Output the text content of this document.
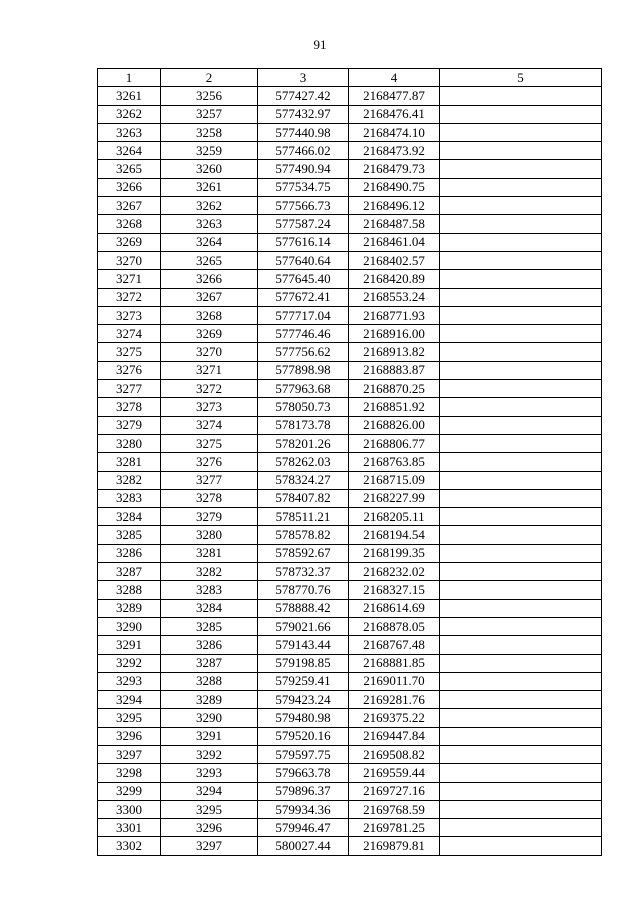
91
1	2	3	4	5
3261	3256	577427.42	2168477.87	
3262	3257	577432.97	2168476.41	
3263	3258	577440.98	2168474.10	
3264	3259	577466.02	2168473.92	
3265	3260	577490.94	2168479.73	
3266	3261	577534.75	2168490.75	
3267	3262	577566.73	2168496.12	
3268	3263	577587.24	2168487.58	
3269	3264	577616.14	2168461.04	
3270	3265	577640.64	2168402.57	
3271	3266	577645.40	2168420.89	
3272	3267	577672.41	2168553.24	
3273	3268	577717.04	2168771.93	
3274	3269	577746.46	2168916.00	
3275	3270	577756.62	2168913.82	
3276	3271	577898.98	2168883.87	
3277	3272	577963.68	2168870.25	
3278	3273	578050.73	2168851.92	
3279	3274	578173.78	2168826.00	
3280	3275	578201.26	2168806.77	
3281	3276	578262.03	2168763.85	
3282	3277	578324.27	2168715.09	
3283	3278	578407.82	2168227.99	
3284	3279	578511.21	2168205.11	
3285	3280	578578.82	2168194.54	
3286	3281	578592.67	2168199.35	
3287	3282	578732.37	2168232.02	
3288	3283	578770.76	2168327.15	
3289	3284	578888.42	2168614.69	
3290	3285	579021.66	2168878.05	
3291	3286	579143.44	2168767.48	
3292	3287	579198.85	2168881.85	
3293	3288	579259.41	2169011.70	
3294	3289	579423.24	2169281.76	
3295	3290	579480.98	2169375.22	
3296	3291	579520.16	2169447.84	
3297	3292	579597.75	2169508.82	
3298	3293	579663.78	2169559.44	
3299	3294	579896.37	2169727.16	
3300	3295	579934.36	2169768.59	
3301	3296	579946.47	2169781.25	
3302	3297	580027.44	2169879.81	
